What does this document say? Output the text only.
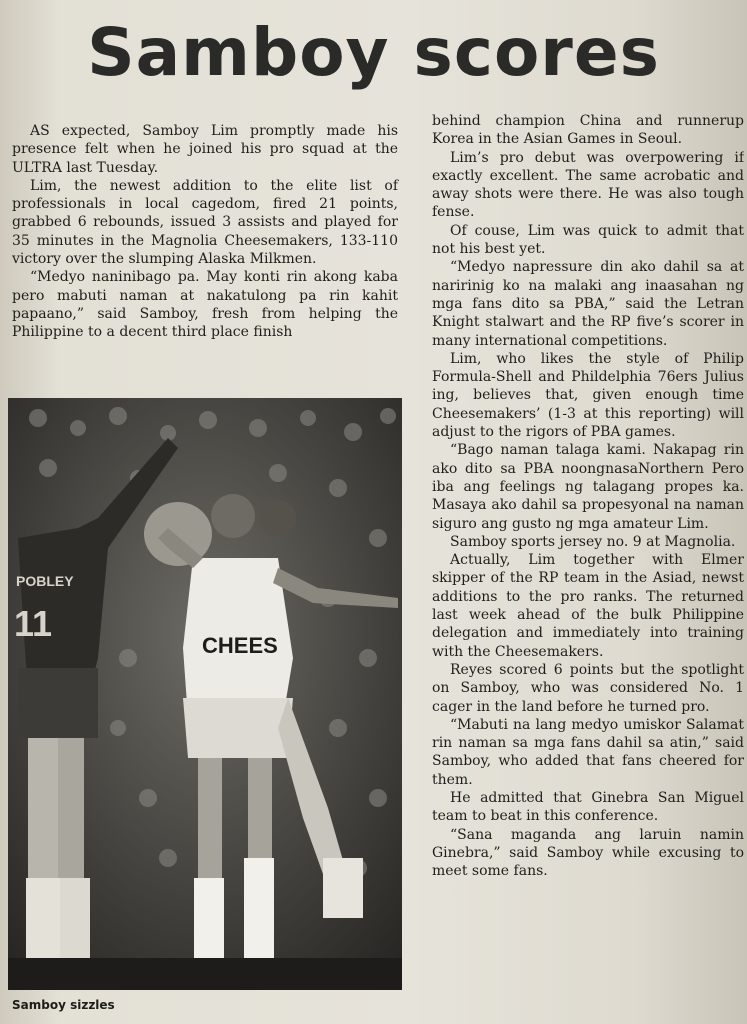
Samboy scores

AS expected, Samboy Lim promptly made his presence felt when he joined his pro squad at the ULTRA last Tuesday.

Lim, the newest addition to the elite list of professionals in local cagedom, fired 21 points, grabbed 6 rebounds, issued 3 assists and played for 35 minutes in the Magnolia Cheesemakers, 133-110 victory over the slumping Alaska Milkmen.

“Medyo naninibago pa. May konti rin akong kaba pero mabuti naman at nakatulong pa rin kahit papaano,” said Samboy, fresh from helping the Philippine to a decent third place finish

behind champion China and runnerup Korea in the Asian Games in Seoul.

Lim’s pro debut was overpowering if exactly excellent. The same acrobatic and away shots were there. He was also tough fense.

Of couse, Lim was quick to admit that not his best yet.

“Medyo napressure din ako dahil sa at naririnig ko na malaki ang inaasahan ng mga fans dito sa PBA,” said the Letran Knight stalwart and the RP five’s scorer in many international competitions.

Lim, who likes the style of Philip Formula-Shell and Phildelphia 76ers Julius ing, believes that, given enough time Cheesemakers’ (1-3 at this reporting) will adjust to the rigors of PBA games.

“Bago naman talaga kami. Nakapag rin ako dito sa PBA noongnasaNorthern Pero iba ang feelings ng talagang propes ka. Masaya ako dahil sa propesyonal na naman siguro ang gusto ng mga amateur Lim.

Samboy sports jersey no. 9 at Magnolia.

Actually, Lim together with Elmer skipper of the RP team in the Asiad, newst additions to the pro ranks. The returned last week ahead of the bulk Philippine delegation and immediately into training with the Cheesemakers.

Reyes scored 6 points but the spotlight on Samboy, who was considered No. 1 cager in the land before he turned pro.

“Mabuti na lang medyo umiskor Salamat rin naman sa mga fans dahil sa atin,” said Samboy, who added that fans cheered for them.

He admitted that Ginebra San Miguel team to beat in this conference.

“Sana maganda ang laruin namin Ginebra,” said Samboy while excusing to meet some fans.

POBLEY
11
CHEES
Samboy sizzles
